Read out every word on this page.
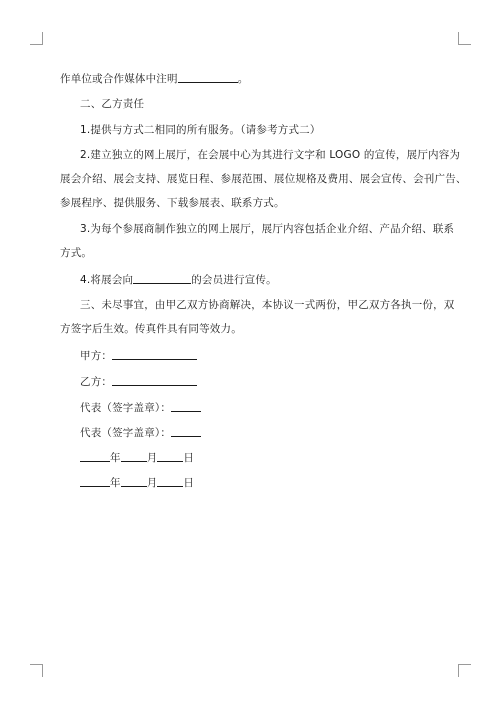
作单位或合作媒体中注明	。
二、乙方责任
1.提供与方式二相同的所有服务。（请参考方式二）
2.建立独立的网上展厅，在会展中心为其进行文字和 LOGO 的宣传，展厅内容为
展会介绍、展会支持、展览日程、参展范围、展位规格及费用、展会宣传、会刊广告、
参展程序、提供服务、下载参展表、联系方式。
3.为每个参展商制作独立的网上展厅，展厅内容包括企业介绍、产品介绍、联系
方式。
4.将展会向	的会员进行宣传。
三、未尽事宜，由甲乙双方协商解决，本协议一式两份，甲乙双方各执一份，双
方签字后生效。传真件具有同等效力。
甲方：
乙方：
代表（签字盖章）：
代表（签字盖章）：
年 月 日
年 月 日
